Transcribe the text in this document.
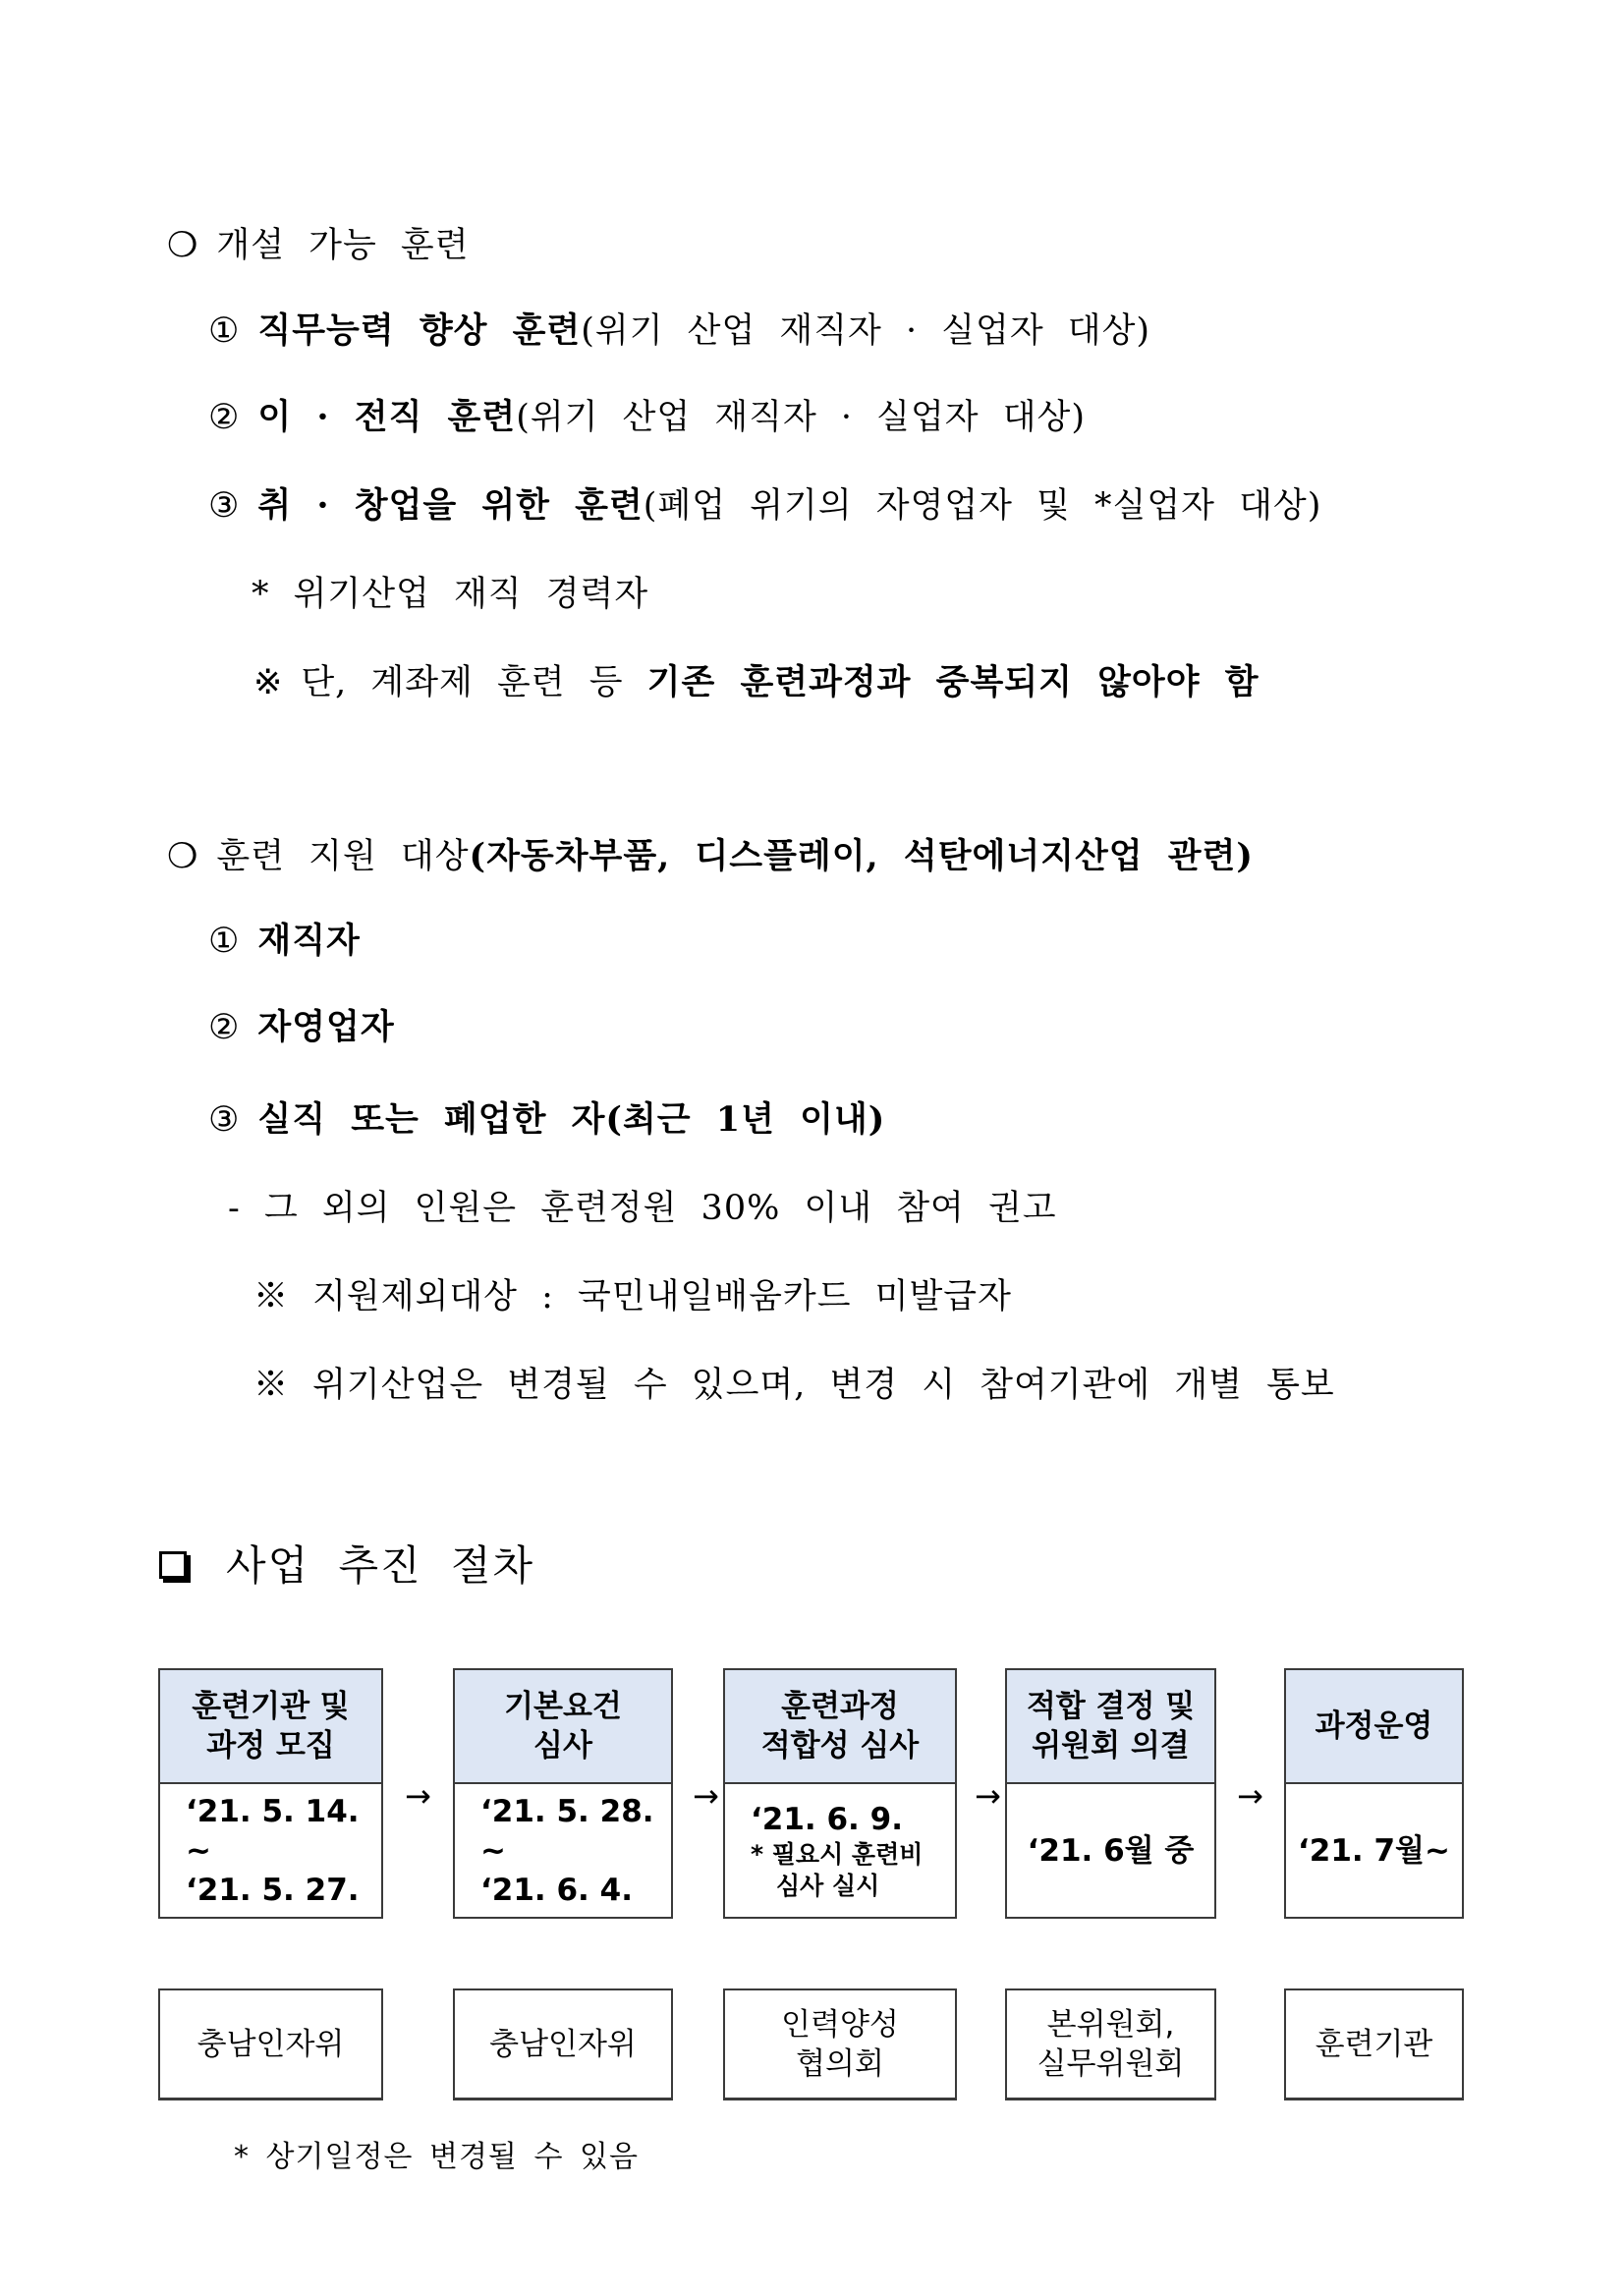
❍ 개설 가능 훈련
① 직무능력 향상 훈련(위기 산업 재직자 · 실업자 대상)
② 이 · 전직 훈련(위기 산업 재직자 · 실업자 대상)
③ 취 · 창업을 위한 훈련(폐업 위기의 자영업자 및 *실업자 대상)
* 위기산업 재직 경력자
※ 단, 계좌제 훈련 등 기존 훈련과정과 중복되지 않아야 함
❍ 훈련 지원 대상(자동차부품, 디스플레이, 석탄에너지산업 관련)
① 재직자
② 자영업자
③ 실직 또는 폐업한 자(최근 1년 이내)
- 그 외의 인원은 훈련정원 30% 이내 참여 권고
※ 지원제외대상 : 국민내일배움카드 미발급자
※ 위기산업은 변경될 수 있으며, 변경 시 참여기관에 개별 통보
사업 추진 절차
훈련기관 및
과정 모집
‘21. 5. 14. ~
‘21. 5. 27.
→
기본요건
심사
‘21. 5. 28. ~
‘21. 6. 4.
→
훈련과정
적합성 심사
‘21. 6. 9.
* 필요시 훈련비
심사 실시
→
적합 결정 및
위원회 의결
‘21. 6월 중
→
과정운영
‘21. 7월~
충남인자위	충남인자위
인력양성
협의회
본위원회,
실무위원회
훈련기관
* 상기일정은 변경될 수 있음
